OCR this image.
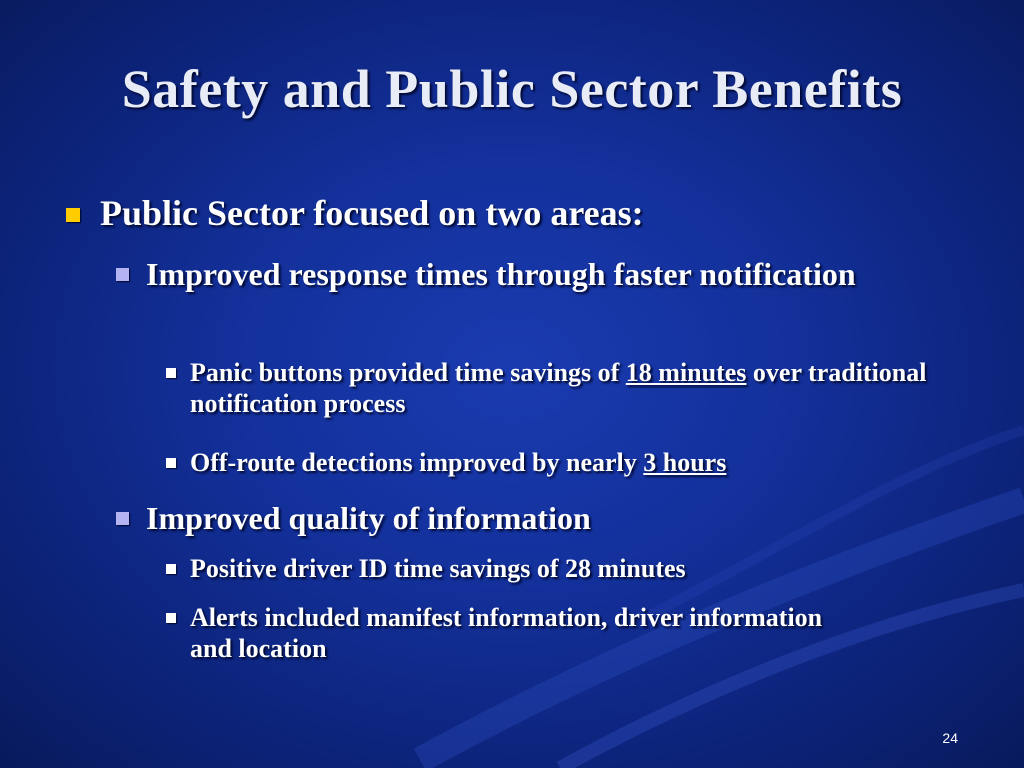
Safety and Public Sector Benefits
Public Sector focused on two areas:
Improved response times through faster notification
Panic buttons provided time savings of 18 minutes over traditional notification process
Off-route detections improved by nearly 3 hours
Improved quality of information
Positive driver ID time savings of 28 minutes
Alerts included manifest information, driver information and location
24
